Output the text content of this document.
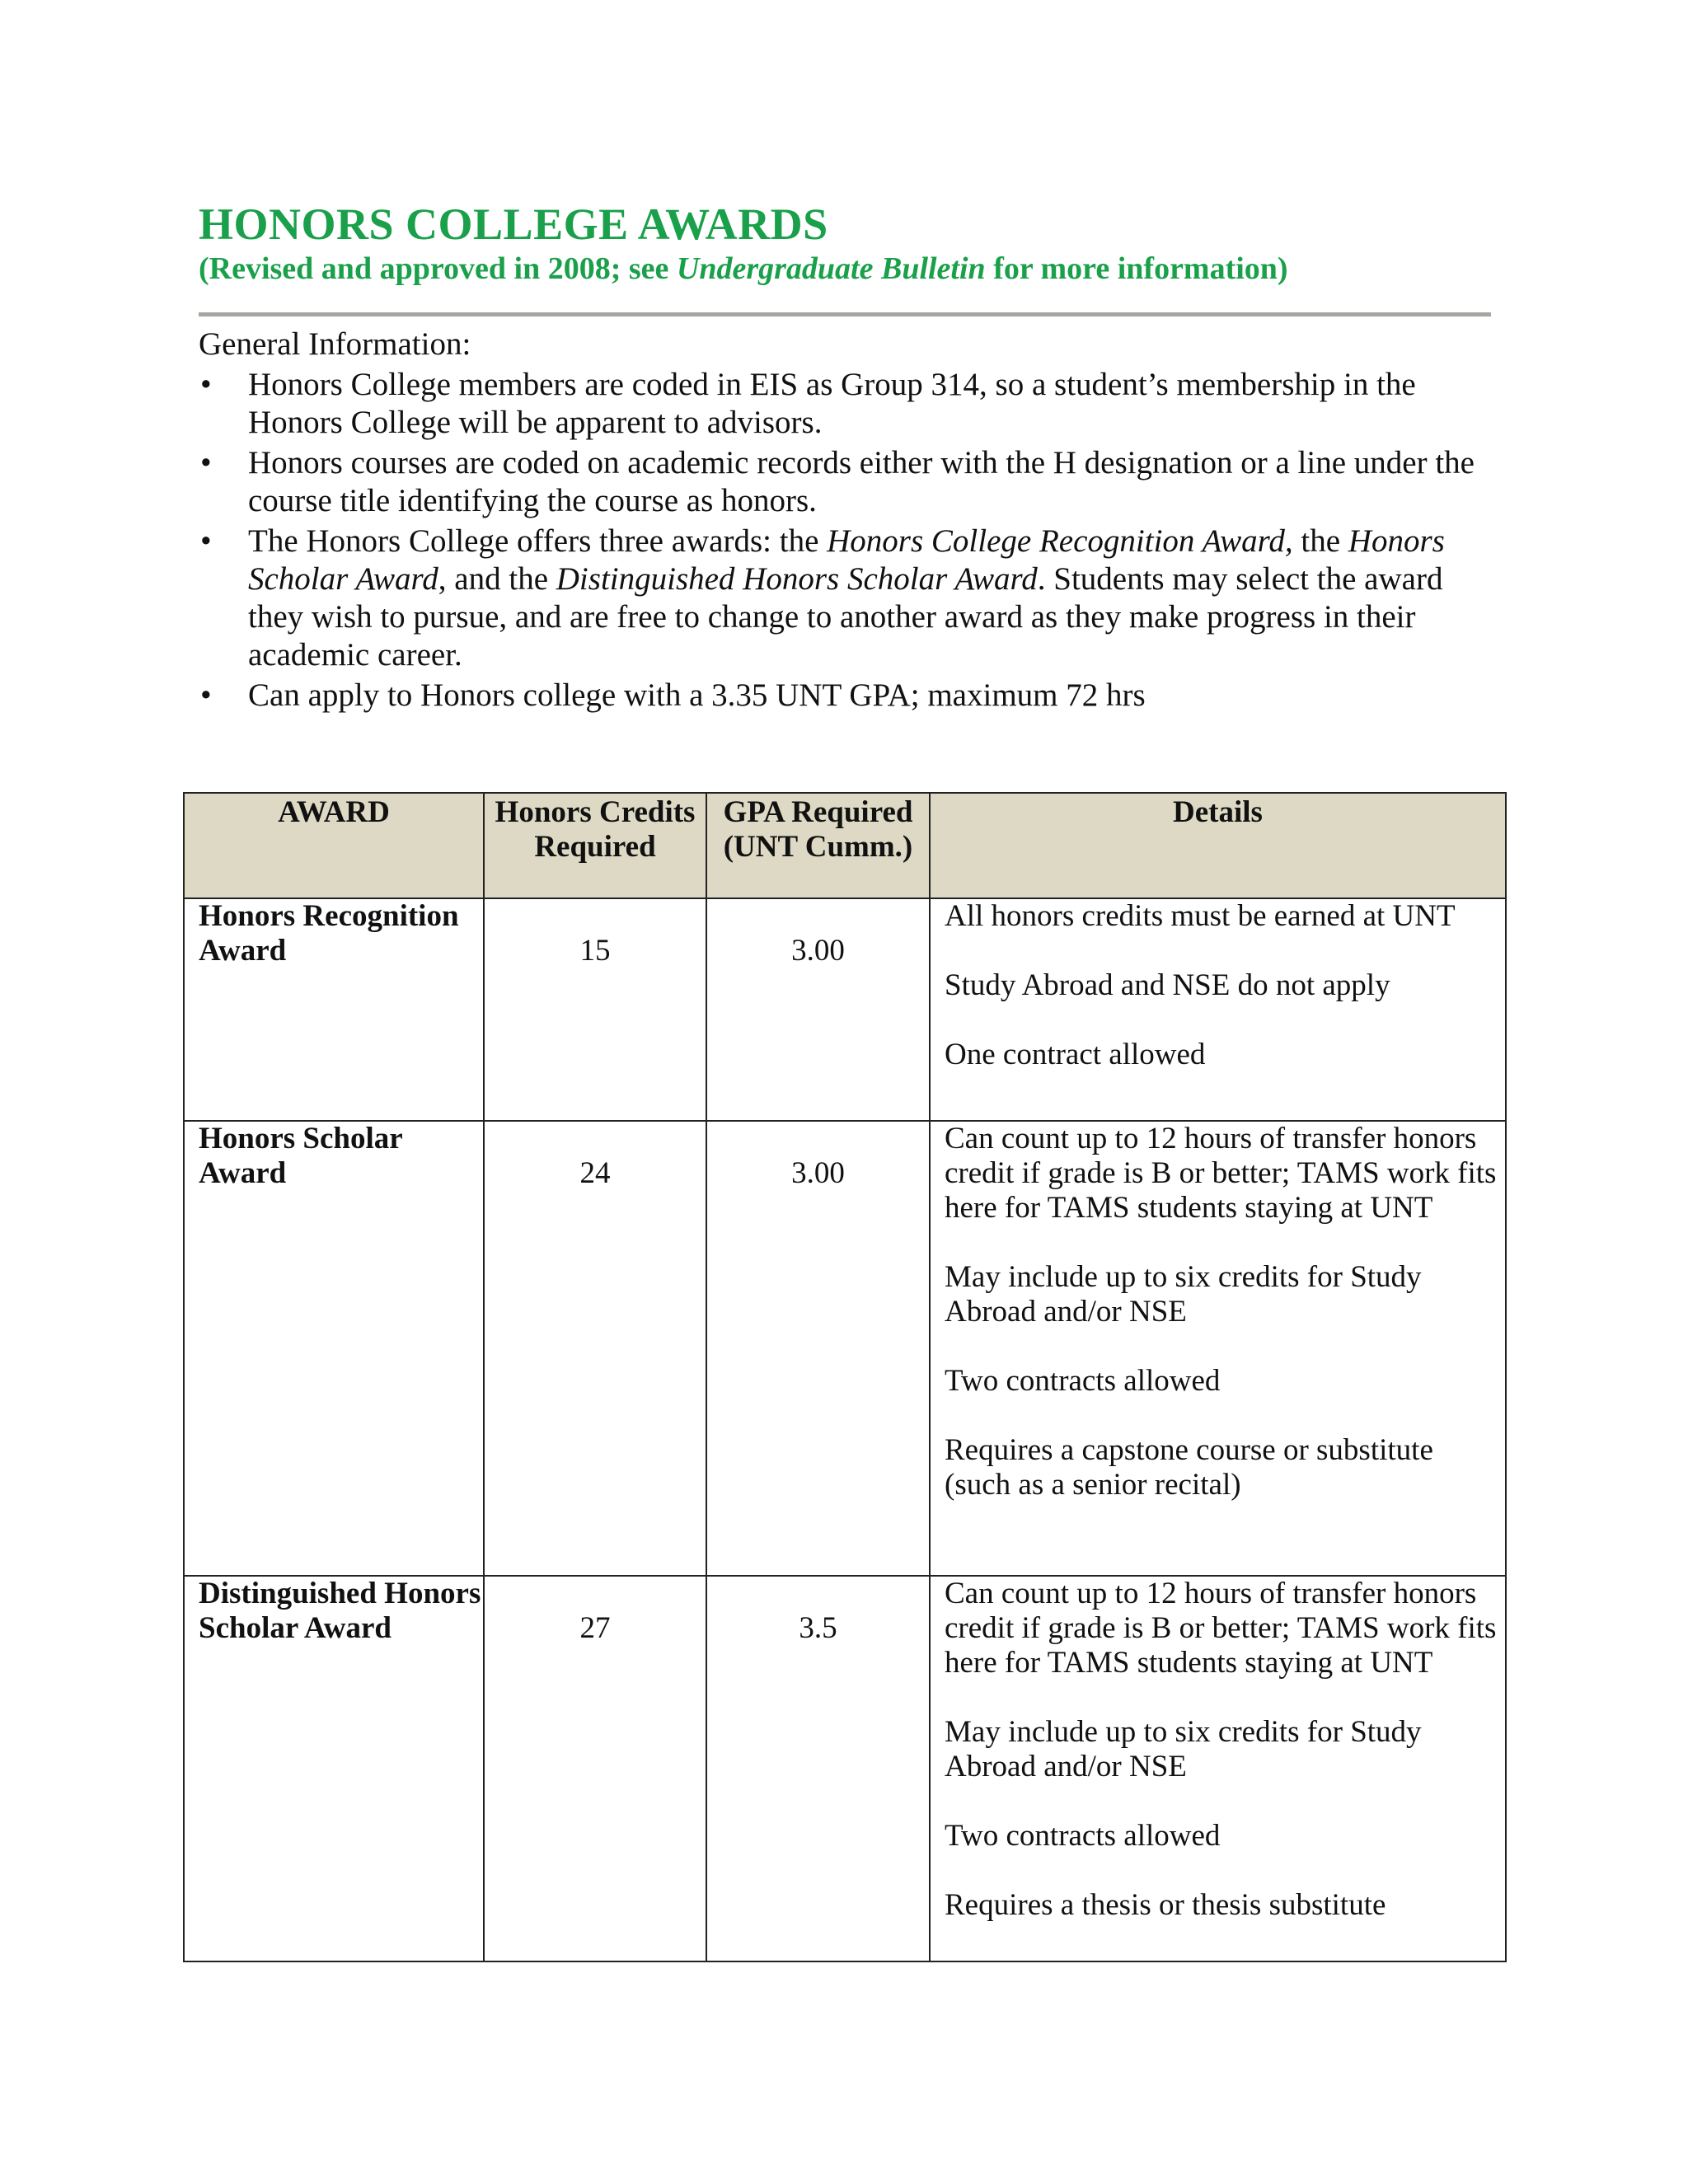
HONORS COLLEGE AWARDS

(Revised and approved in 2008; see Undergraduate Bulletin for more information)

General Information:
•	Honors College members are coded in EIS as Group 314, so a student’s membership in the Honors College will be apparent to advisors.
•	Honors courses are coded on academic records either with the H designation or a line under the course title identifying the course as honors.
•	The Honors College offers three awards: the Honors College Recognition Award, the Honors Scholar Award, and the Distinguished Honors Scholar Award. Students may select the award they wish to pursue, and are free to change to another award as they make progress in their academic career.
•	Can apply to Honors college with a 3.35 UNT GPA; maximum 72 hrs
AWARD	Honors Credits Required	GPA Required (UNT Cumm.)	Details
Honors Recognition Award	15	3.00	All honors credits must be earned at UNT
Study Abroad and NSE do not apply
One contract allowed

Honors Scholar Award	24	3.00	Can count up to 12 hours of transfer honors credit if grade is B or better; TAMS work fits here for TAMS students staying at UNT
May include up to six credits for Study Abroad and/or NSE
Two contracts allowed
Requires a capstone course or substitute (such as a senior recital)

Distinguished Honors Scholar Award	27	3.5	Can count up to 12 hours of transfer honors credit if grade is B or better; TAMS work fits here for TAMS students staying at UNT
May include up to six credits for Study Abroad and/or NSE
Two contracts allowed
Requires a thesis or thesis substitute
